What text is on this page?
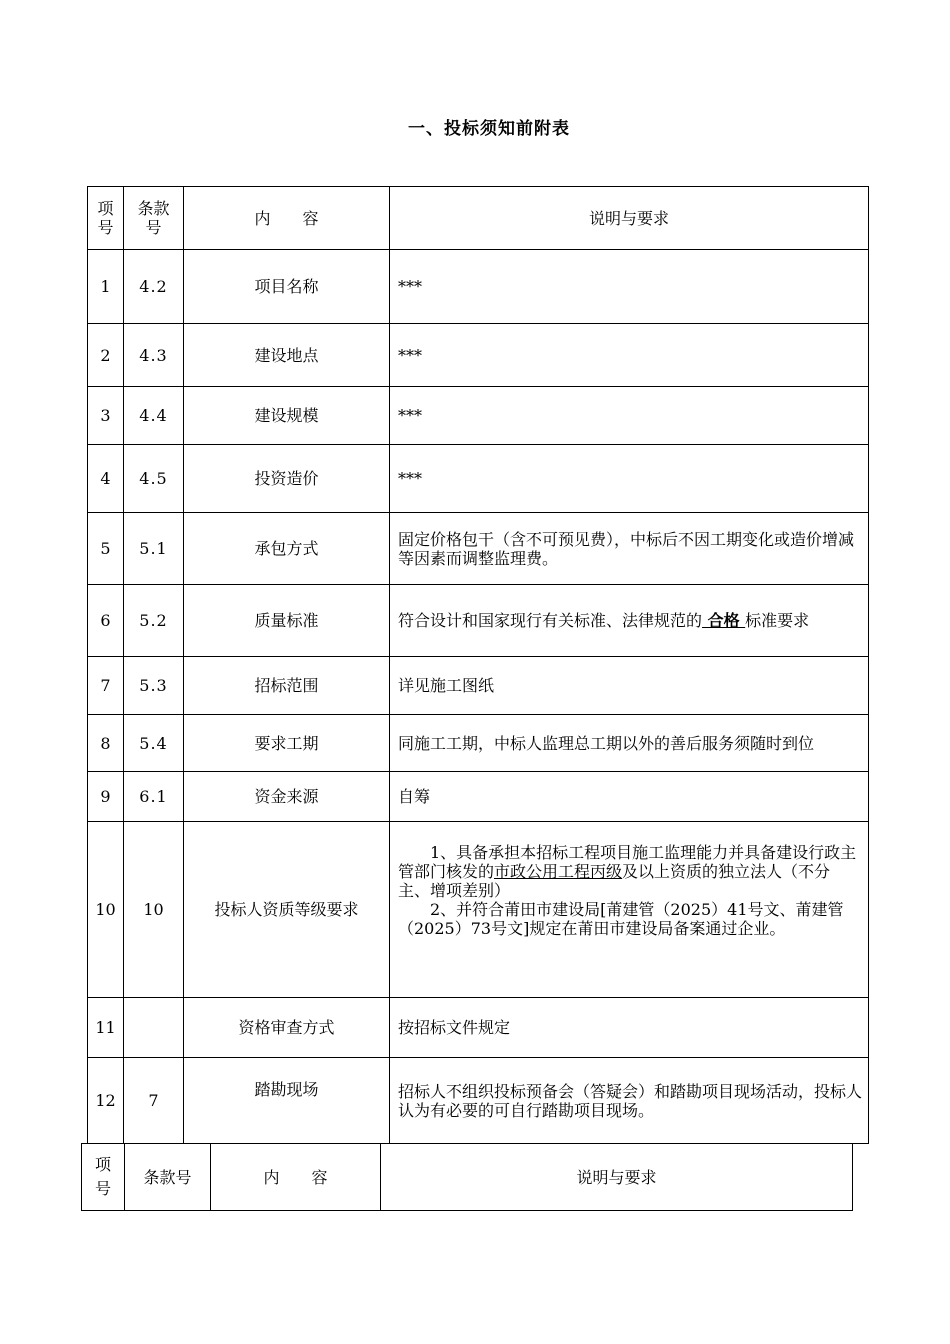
一、投标须知前附表
项号	条款号	内　　容	说明与要求
1	4.2	项目名称	***
2	4.3	建设地点	***
3	4.4	建设规模	***
4	4.5	投资造价	***
5	5.1	承包方式	固定价格包干（含不可预见费），中标后不因工期变化或造价增减等因素而调整监理费。
6	5.2	质量标准	符合设计和国家现行有关标准、法律规范的 合格 标准要求
7	5.3	招标范围	详见施工图纸
8	5.4	要求工期	同施工工期，中标人监理总工期以外的善后服务须随时到位
9	6.1	资金来源	自筹
10	10	投标人资质等级要求	1、具备承担本招标工程项目施工监理能力并具备建设行政主管部门核发的市政公用工程丙级及以上资质的独立法人（不分主、增项差别）
2、并符合莆田市建设局[莆建管（2025）41号文、莆建管（2025）73号文]规定在莆田市建设局备案通过企业。

11		资格审查方式	按招标文件规定
12	7	踏勘现场	招标人不组织投标预备会（答疑会）和踏勘项目现场活动，投标人认为有必要的可自行踏勘项目现场。
项号	条款号	内　　容	说明与要求
